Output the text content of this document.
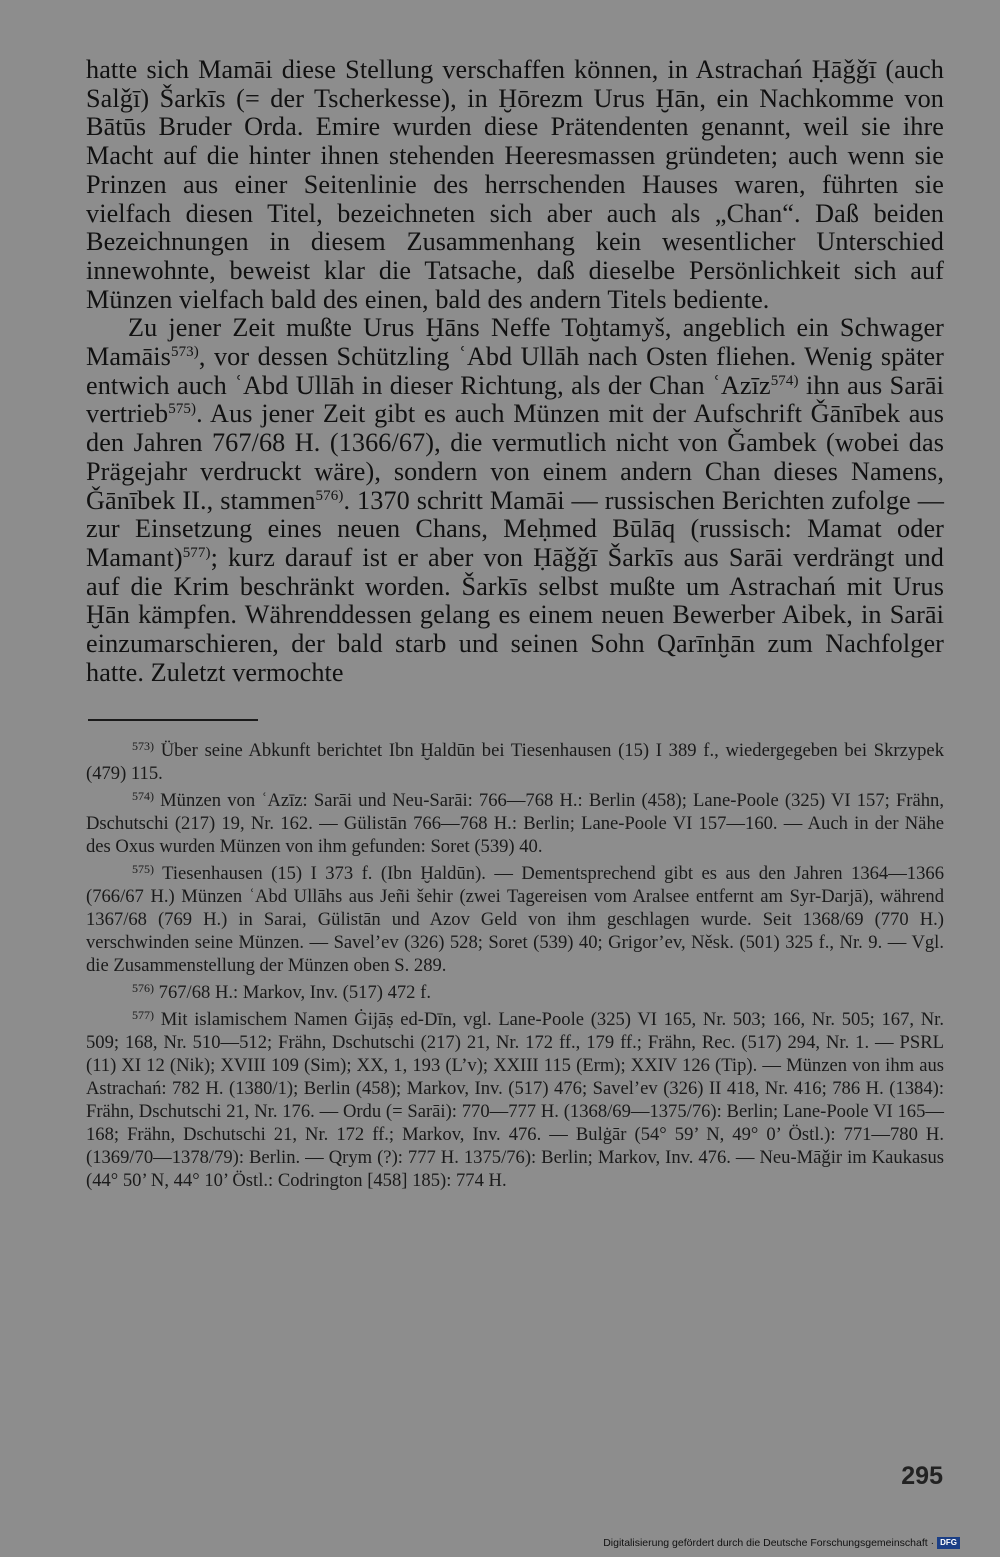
hatte sich Mamāi diese Stellung verschaffen können, in Astrachań Ḥāǧǧī (auch Salǧī) Šarkīs (= der Tscherkesse), in Ḫōrezm Urus Ḫān, ein Nachkomme von Bātūs Bruder Orda. Emire wurden diese Prätendenten genannt, weil sie ihre Macht auf die hinter ihnen stehenden Heeresmassen gründeten; auch wenn sie Prinzen aus einer Seitenlinie des herrschenden Hauses waren, führten sie vielfach diesen Titel, bezeichneten sich aber auch als „Chan“. Daß beiden Bezeichnungen in diesem Zusammenhang kein wesentlicher Unterschied innewohnte, beweist klar die Tatsache, daß dieselbe Persönlichkeit sich auf Münzen vielfach bald des einen, bald des andern Titels bediente.

Zu jener Zeit mußte Urus Ḫāns Neffe Toḫtamyš, angeblich ein Schwager Mamāis$^{573)}$, vor dessen Schützling ʿAbd Ullāh nach Osten fliehen. Wenig später entwich auch ʿAbd Ullāh in dieser Richtung, als der Chan ʿAzīz$^{574)}$ ihn aus Sarāi vertrieb$^{575)}$. Aus jener Zeit gibt es auch Münzen mit der Aufschrift Ǧānībek aus den Jahren 767/68 H. (1366/67), die vermutlich nicht von Ǧambek (wobei das Prägejahr verdruckt wäre), sondern von einem andern Chan dieses Namens, Ǧānībek II., stammen$^{576)}$. 1370 schritt Mamāi — russischen Berichten zufolge — zur Einsetzung eines neuen Chans, Meḥmed Būlāq (russisch: Mamat oder Mamant)$^{577)}$; kurz darauf ist er aber von Ḥāǧǧī Šarkīs aus Sarāi verdrängt und auf die Krim beschränkt worden. Šarkīs selbst mußte um Astrachań mit Urus Ḫān kämpfen. Währenddessen gelang es einem neuen Bewerber Aibek, in Sarāi einzumarschieren, der bald starb und seinen Sohn Qarīnḫān zum Nachfolger hatte. Zuletzt vermochte

$^{573)}$ Über seine Abkunft berichtet Ibn Ḫaldūn bei Tiesenhausen (15) I 389 f., wiedergegeben bei Skrzypek (479) 115.

$^{574)}$ Münzen von ʿAzīz: Sarāi und Neu-Sarāi: 766—768 H.: Berlin (458); Lane-Poole (325) VI 157; Frähn, Dschutschi (217) 19, Nr. 162. — Gülistān 766—768 H.: Berlin; Lane-Poole VI 157—160. — Auch in der Nähe des Oxus wurden Münzen von ihm gefunden: Soret (539) 40.

$^{575)}$ Tiesenhausen (15) I 373 f. (Ibn Ḫaldūn). — Dementsprechend gibt es aus den Jahren 1364—1366 (766/67 H.) Münzen ʿAbd Ullāhs aus Jeñi šehir (zwei Tagereisen vom Aralsee entfernt am Syr-Darjā), während 1367/68 (769 H.) in Sarai, Gülistān und Azov Geld von ihm geschlagen wurde. Seit 1368/69 (770 H.) verschwinden seine Münzen. — Savel’ev (326) 528; Soret (539) 40; Grigor’ev, Něsk. (501) 325 f., Nr. 9. — Vgl. die Zusammenstellung der Münzen oben S. 289.

$^{576)}$ 767/68 H.: Markov, Inv. (517) 472 f.

$^{577)}$ Mit islamischem Namen Ġijāṣ ed-Dīn, vgl. Lane-Poole (325) VI 165, Nr. 503; 166, Nr. 505; 167, Nr. 509; 168, Nr. 510—512; Frähn, Dschutschi (217) 21, Nr. 172 ff., 179 ff.; Frähn, Rec. (517) 294, Nr. 1. — PSRL (11) XI 12 (Nik); XVIII 109 (Sim); XX, 1, 193 (L’v); XXIII 115 (Erm); XXIV 126 (Tip). — Münzen von ihm aus Astrachań: 782 H. (1380/1); Berlin (458); Markov, Inv. (517) 476; Savel’ev (326) II 418, Nr. 416; 786 H. (1384): Frähn, Dschutschi 21, Nr. 176. — Ordu (= Sarāi): 770—777 H. (1368/69—1375/76): Berlin; Lane-Poole VI 165—168; Frähn, Dschutschi 21, Nr. 172 ff.; Markov, Inv. 476. — Bulġār (54° 59’ N, 49° 0’ Östl.): 771—780 H. (1369/70—1378/79): Berlin. — Qrym (?): 777 H. 1375/76): Berlin; Markov, Inv. 476. — Neu-Māǧir im Kaukasus (44° 50’ N, 44° 10’ Östl.: Codrington [458] 185): 774 H.

295
Digitalisierung gefördert durch die Deutsche Forschungsgemeinschaft · DFG
